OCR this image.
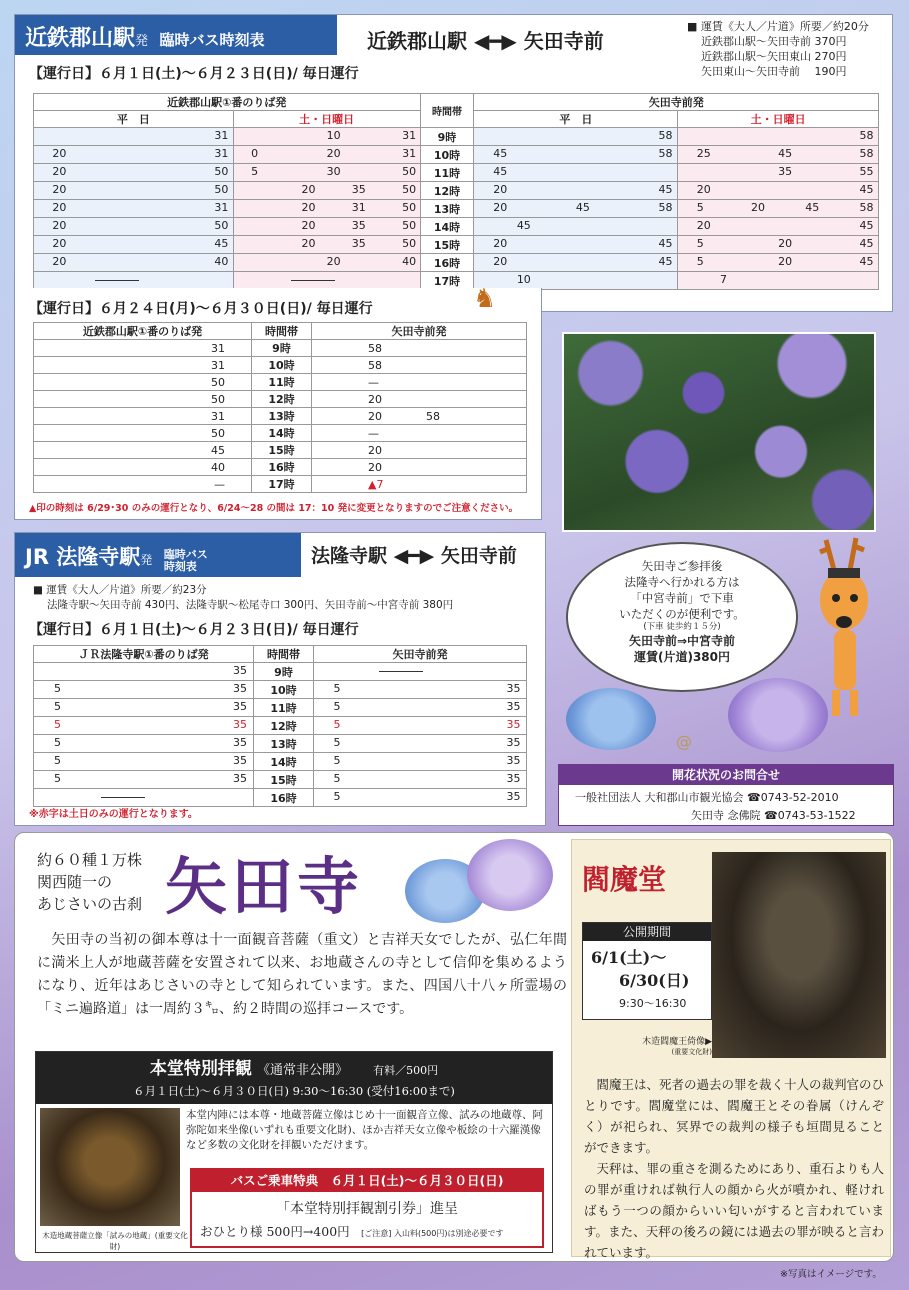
近鉄郡山駅発 臨時バス時刻表	近鉄郡山駅 ◀━▶ 矢田寺前
■ 運賃《大人／片道》所要／約20分
近鉄郡山駅～矢田寺前 370円
近鉄郡山駅～矢田東山 270円
矢田東山～矢田寺前　 190円
【運行日】６月１日(土)～６月２３日(日)/ 毎日運行
近鉄郡山駅①番のりば発		時間帯	矢田寺前発	
平　日	土・日曜日		平　日	土・日曜日

31	10 31	9時	58	58

20 31	0 20 31	10時	45 58	25 45 58

20 50	5 30 50	11時	45	35 55

20 50	20 35 50	12時	20 45	20 45

20 31	20 31 50	13時	20 45 58	5 20 45 58

20 50	20 35 50	14時	45	20 45

20 45	20 35 50	15時	20 45	5 20 45

20 40	20 40	16時	20 45	5 20 45

	17時	10	7
【運行日】６月２４日(月)～６月３０日(日)/ 毎日運行	♞
近鉄郡山駅①番のりば発	時間帯	矢田寺前発
31	9時	58
31	10時	58
50	11時	—
50	12時	20
31	13時	20　　　　58
50	14時	—
45	15時	20
40	16時	20
—	17時	▲7
▲印の時刻は 6/29･30 のみの運行となり、6/24～28 の間は 17：10 発に変更となりますのでご注意ください。
JR 法隆寺駅発 臨時バス時刻表	法隆寺駅 ◀━▶ 矢田寺前
■ 運賃《大人／片道》所要／約23分
法隆寺駅～矢田寺前 430円、法隆寺駅～松尾寺口 300円、矢田寺前～中宮寺前 380円
【運行日】６月１日(土)～６月２３日(日)/ 毎日運行
ＪＲ法隆寺駅①番のりば発	時間帯	矢田寺前発

35	9時	

5 35	10時	5 35

5 35	11時	5 35

5 35	12時	5 35

5 35	13時	5 35

5 35	14時	5 35

5 35	15時	5 35

	16時	5 35
※赤字は土日のみの運行となります。
矢田寺ご参拝後
法隆寺へ行かれる方は
「中宮寺前」で下車
いただくのが便利です。
(下車 徒歩約１５分)
矢田寺前⇒中宮寺前
運賃(片道)380円
@
開花状況のお問合せ
一般社団法人 大和郡山市観光協会 ☎0743-52-2010
矢田寺 念佛院 ☎0743-53-1522
約６０種１万株
関西随一の
あじさいの古刹 矢田寺
　矢田寺の当初の御本尊は十一面観音菩薩（重文）と吉祥天女でしたが、弘仁年間に満米上人が地蔵菩薩を安置されて以来、お地蔵さんの寺として信仰を集めるようになり、近年はあじさいの寺として知られています。また、四国八十八ヶ所霊場の「ミニ遍路道」は一周約３㌔、約２時間の巡拝コースです。
本堂特別拝観 《通常非公開》 有料／500円
６月１日(土)～６月３０日(日) 9:30～16:30 (受付16:00まで)
木造地蔵菩薩立像「試みの地蔵」(重要文化財)
本堂内陣には本尊・地蔵菩薩立像はじめ十一面観音立像、試みの地蔵尊、阿弥陀如来坐像(いずれも重要文化財)、ほか吉祥天女立像や板絵の十六羅漢像など多数の文化財を拝観いただけます。
バスご乗車特典　６月１日(土)～６月３０日(日)
「本堂特別拝観割引券」進呈
おひとり様 500円→400円 [ご注意] 入山料(500円)は別途必要です
閻魔堂
公開期間
6/1(土)～
6/30(日)
9:30～16:30
木造閻魔王倚像▶
(重要文化財)
　閻魔王は、死者の過去の罪を裁く十人の裁判官のひとりです。閻魔堂には、閻魔王とその眷属（けんぞく）が祀られ、冥界での裁判の様子も垣間見ることができます。
　天秤は、罪の重さを測るためにあり、重石よりも人の罪が重ければ執行人の顔から火が噴かれ、軽ければもう一つの顔からいい匂いがすると言われています。また、天秤の後ろの鏡には過去の罪が映ると言われています。
※写真はイメージです。
